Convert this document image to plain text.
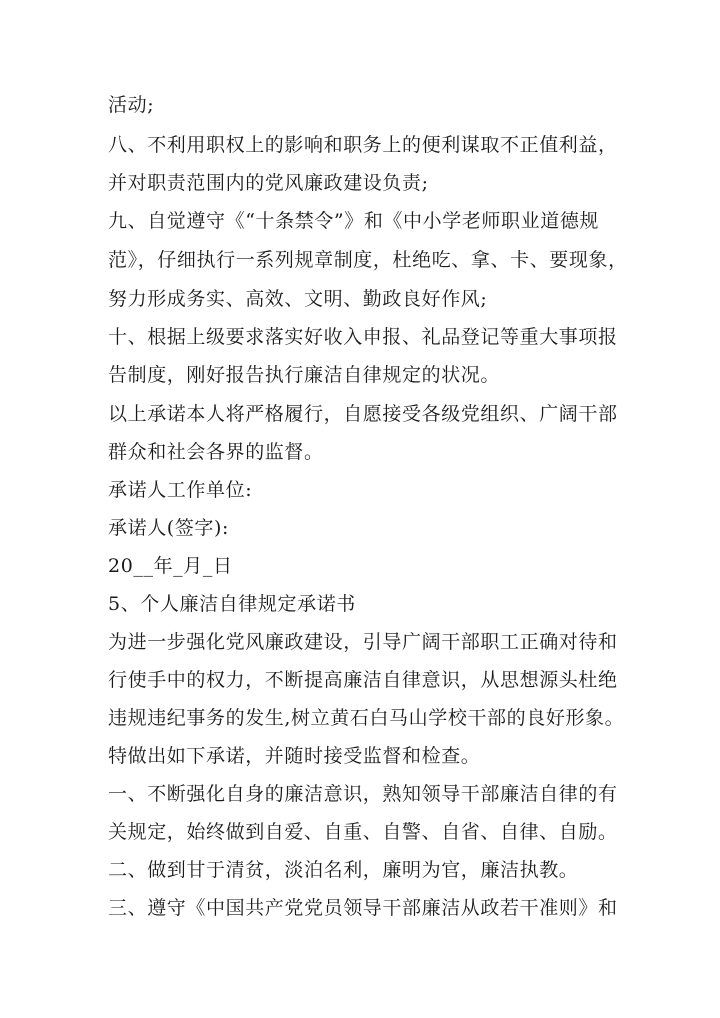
活动;
八、不利用职权上的影响和职务上的便利谋取不正值利益，
并对职责范围内的党风廉政建设负责;
九、自觉遵守《“十条禁令”》和《中小学老师职业道德规
范》，仔细执行一系列规章制度，杜绝吃、拿、卡、要现象，
努力形成务实、高效、文明、勤政良好作风;
十、根据上级要求落实好收入申报、礼品登记等重大事项报
告制度，刚好报告执行廉洁自律规定的状况。
以上承诺本人将严格履行，自愿接受各级党组织、广阔干部
群众和社会各界的监督。
承诺人工作单位:
承诺人(签字):
20__年_月_日
5、个人廉洁自律规定承诺书
为进一步强化党风廉政建设，引导广阔干部职工正确对待和
行使手中的权力，不断提高廉洁自律意识，从思想源头杜绝
违规违纪事务的发生,树立黄石白马山学校干部的良好形象。
特做出如下承诺，并随时接受监督和检查。
一、不断强化自身的廉洁意识，熟知领导干部廉洁自律的有
关规定，始终做到自爱、自重、自警、自省、自律、自励。
二、做到甘于清贫，淡泊名利，廉明为官，廉洁执教。
三、遵守《中国共产党党员领导干部廉洁从政若干准则》和
